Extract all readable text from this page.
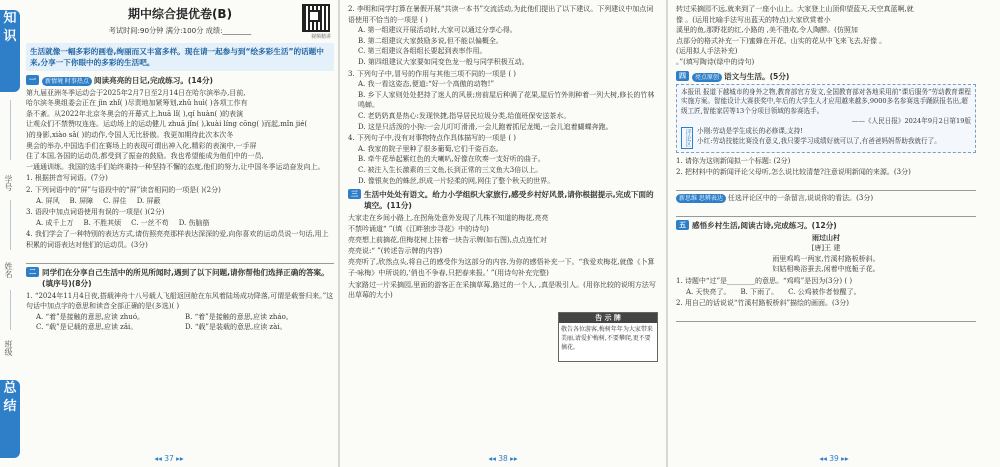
知 识
学号
姓名
班级
总 结
视频精讲
期中综合提优卷(B)
考试时间:90分钟 满分:100分 成绩:________
生活就像一幅多彩的画卷,绚丽而又丰富多样。现在请一起参与到“绘多彩生活”的话题中来,分享一下你眼中的多彩的生活吧。
一	新情境 时事热点 阅读亮亮的日记,完成练习。(14分)
第九届亚洲冬季运动会于2025年2月7日至2月14日在哈尔滨举办,目前,
哈尔滨冬奥组委会正在 jìn zhǐ( )尽责地加紧筹划,zhǔ huì( )各项工作有
条不紊。从2022年北京冬奥会的开幕式上,huā lǐ( ),qí huàn( )的表演
让观众们不禁赞叹连连。运动场上的运动健儿 zhuā jǐn( ),kuài líng cōng( )而起,mǐn jié(
)的身影,xiào sǎ( )的动作,令国人无比骄傲。我更加期待此次本次冬
奥会的举办,中国选手们在赛场上的表现可谓出神入化,精彩的表演中,一手屏
住了本国,各国的运动员,都受到了振奋的鼓励。我也希望能成为他们中的一员,
一通通训练。我国的选手们始终秉持一种坚持不懈的态度,他们的努力,让中国冬季运动奋发向上。
1. 根据拼音写词语。(7分)
2. 下列词语中的“屏”与语段中的“屏”读音相同的一项是( )(2分)
A. 屏风 B. 屏障 C. 屏住 D. 屏蔽
3. 语段中加点词语使用有误的一项是( )(2分)
A. 成千上万 B. 不胜其烦 C. 一丝不苟 D. 伤脑筋
4. 我们学会了一种特别的表达方式,请仿照亮亮那样表达深深的爱,向你喜欢的运动员说一句话,用上积累的词语表达对他们的运动员。(3分)
二 同学们在分享自己生活中的所见所闻时,遇到了以下问题,请你帮他们选择正确的答案。(填序号)(8分)
1. “2024年11月4日夜,搭载神舟十八号载人飞船返回舱在东风着陆场成功降落,可谓是载誉归来。”这句话中加点字的意思和读音全部正确的是(多选)( )
A. “着”是接触的意思,应读 zhuó。	B. “着”是接触的意思,应读 zháo。
C. “载”是记载的意思,应读 zǎi。	D. “载”是装载的意思,应读 zài。
◂◂ 37 ▸▸
2. 李明和同学打算在暑假开展“共读一本书”交流活动,为此他们提出了以下建议。下列建议中加点词语使用不恰当的一项是 ( )
A. 第一组建议开展活动时,大家可以通过分享心得。
B. 第二组建议大家鼓励多说,但不能以偏概全。
C. 第三组建议各组组长要起到表率作用。
D. 第四组建议大家要如同变色龙一般与同学积极互动。
3. 下列句子中,冒号的作用与其他三项不同的一项是 ( )
A. 我一看这姿态,便道:“好一个高傲的动物!”
B. 乡下人家则处处把持了迷人的风景;房前屋后种满了花果,屋后竹外则种着一列大树,修长的竹林鸣蝉。
C. 老奶奶真是热心:发现快捷,指导居民垃圾分类,给值班保安送茶水。
D. 这是只活泼的小狗:一会儿叮叮滑滑,一会儿跑着抓尼龙绳,一会儿追着蝴蝶奔跑。
4. 下列句子中,没有对事物特点作具体描写的一项是 ( )
A. 我家的院子里种了很多葡萄,它们千姿百态。
B. 牵牛花举起紫红色的大喇叭,好像在吹奏一支好听的曲子。
C. 被注入生长激素的三文鱼,长到正常的三文鱼大3倍以上。
D. 像银灰色的蛛丝,织成一片轻柔的网,网住了整个秋天的世界。
三 生活中处处有语文。给力小学组织大家旅行,感受乡村好风景,请你根据提示,完成下面的填空。(11分)
大家走在乡间小路上,在拐角处意外发现了几株不知道的梅花,亮亮不禁吟诵道“ ”(填《江畔独步寻花》中的诗句)
亮亮想上前摘花,但梅花树上挂着一块告示牌(如右图),点点连忙对亮亮说:“ ”(转述告示牌的内容)
亮亮听了,欣然点头,将自己的感受作为这部分的内容,为你的感悟补充一下。“我爱欢梅花,就像《卜算子·咏梅》中所说的,‘俏也不争春,只把春来报。’ ”(用诗句补充完整)
大家路过一片采摘园,里面的游客正在采摘草莓,路过的一个人, ,真是吸引人。(用你比较的说明方法写出草莓的大小)
告 示 牌
敬告各位游客,梅树年年为大家带来美丽,请爱护梅树,不要攀爬,更不要摘花。
◂◂ 38 ▸▸
转过采摘园不远,就来到了一座小山上。大家登上山顶仰望蓝天,天空真蓝啊,就
像 。(运用比喻手法写出蓝天的特点)大家欣赏着小
溪里的鱼,那野花的红,小路的 ,美不胜收,令人陶醉。(仿照加
点部分的格式补充一下)蜜蜂在开花、山实的花从中飞来飞去,好像 。
(运用拟人手法补充)
。”(填写陶诗(绿中的诗句)
四	亮点原创 语文与生活。(5分)
本报讯 报道下越城市的身外之物,教育部官方发文,全国教育部对各地采用前“课后服务”劳动教育课程实施方案。智能设计大赛获奖中,年后的大学生人才应用越来越多,9000多名参赛选手踊跃报名出,超级工匠,智能家居等13个分项目领域的参赛选手。
——《人民日报》2024年9月2日第19版
评论区 小刚:劳动是学生成长的必修课,支持!
小红:劳动技能比赛没有意义,我只要学习成绩好就可以了,有爸爸妈妈帮助我就行了。
1. 请你为这则新闻拟一个标题: (2分)
2. 把材料中的新闻评论父母听,怎么说比较清楚?注意说明新闻的来源。(3分)
新思维 思辨表达 任选评论区中的一条留言,说说你的看法。(3分)
五 感悟乡村生活,阅读古诗,完成练习。(12分)
雨过山村
[唐]王 建
雨里鸡鸣一两家,竹溪村路板桥斜。
妇姑相唤浴蚕去,闲着中庭栀子花。
1. 诗题中“过”是________的意思。“鸡鸣”是因为(3分) ( )
A. 天快亮了。 B. 下雨了。 C. 公鸡被作者惊醒了。
2. 用自己的话说说“竹溪村路板桥斜”描绘的画面。(3分)
◂◂ 39 ▸▸
